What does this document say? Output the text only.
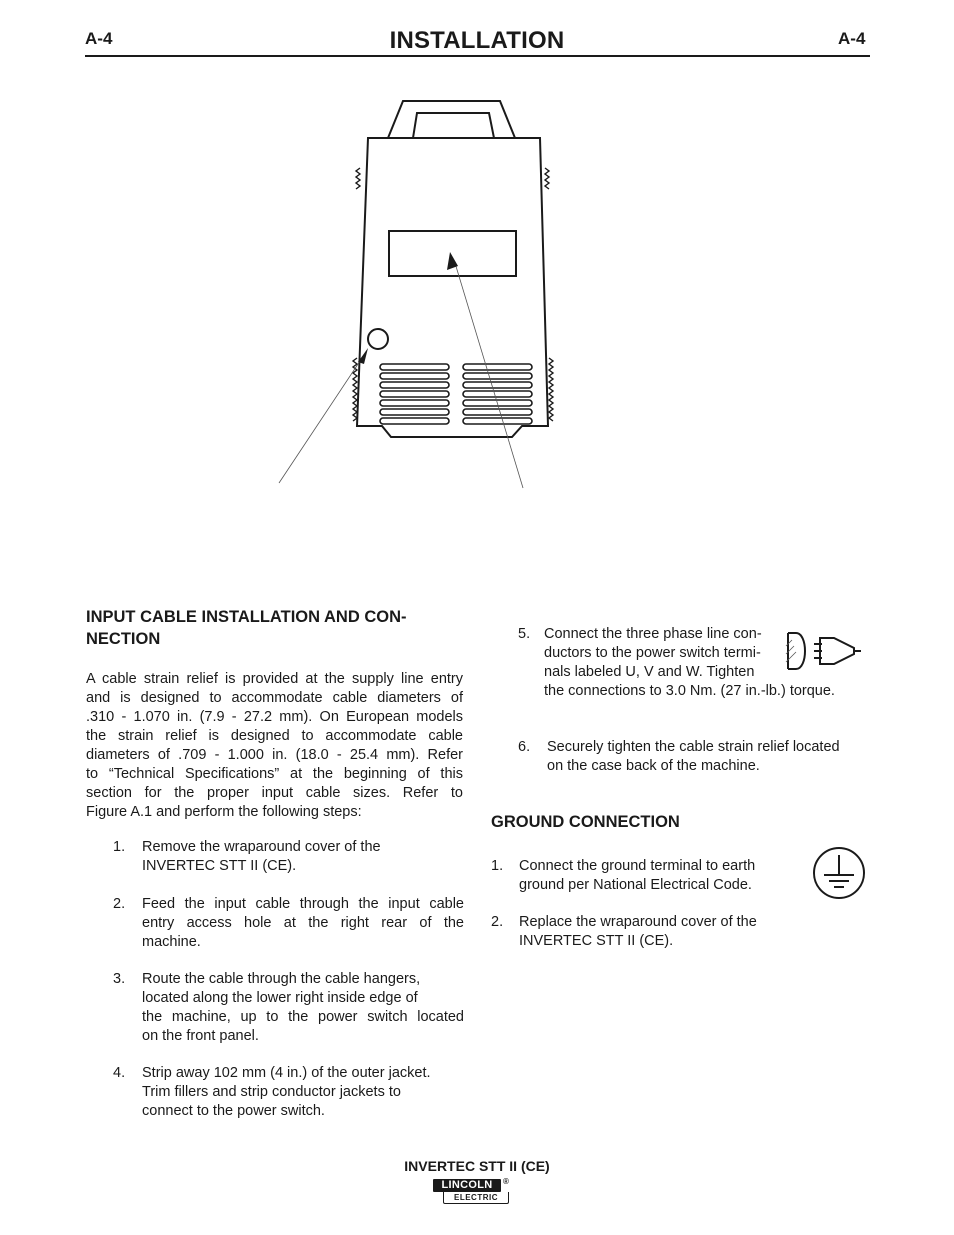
A-4	INSTALLATION	A-4
INPUT CABLE INSTALLATION AND CON-
NECTION
A cable strain relief is provided at the supply line entry
and is designed to accommodate cable diameters of
.310 - 1.070 in. (7.9 - 27.2 mm). On European models
the strain relief is designed to accommodate cable
diameters of .709 - 1.000 in. (18.0 - 25.4 mm). Refer
to “Technical Specifications” at the beginning of this
section for the proper input cable sizes. Refer to
Figure A.1 and perform the following steps:
1. Remove the wraparound cover of the
INVERTEC STT II (CE).
2. Feed the input cable through the input cable
entry access hole at the right rear of the
machine.
3. Route the cable through the cable hangers,
located along the lower right inside edge of
the machine, up to the power switch located
on the front panel.
4. Strip away 102 mm (4 in.) of the outer jacket.
Trim fillers and strip conductor jackets to
connect to the power switch.
5. Connect the three phase line con-
ductors to the power switch termi-
nals labeled U, V and W. Tighten
the connections to 3.0 Nm. (27 in.-lb.) torque.
6. Securely tighten the cable strain relief located
on the case back of the machine.
GROUND CONNECTION
1. Connect the ground terminal to earth
ground per National Electrical Code.
2. Replace the wraparound cover of the
INVERTEC STT II (CE).
INVERTEC STT II (CE)
LINCOLN	®
ELECTRIC
